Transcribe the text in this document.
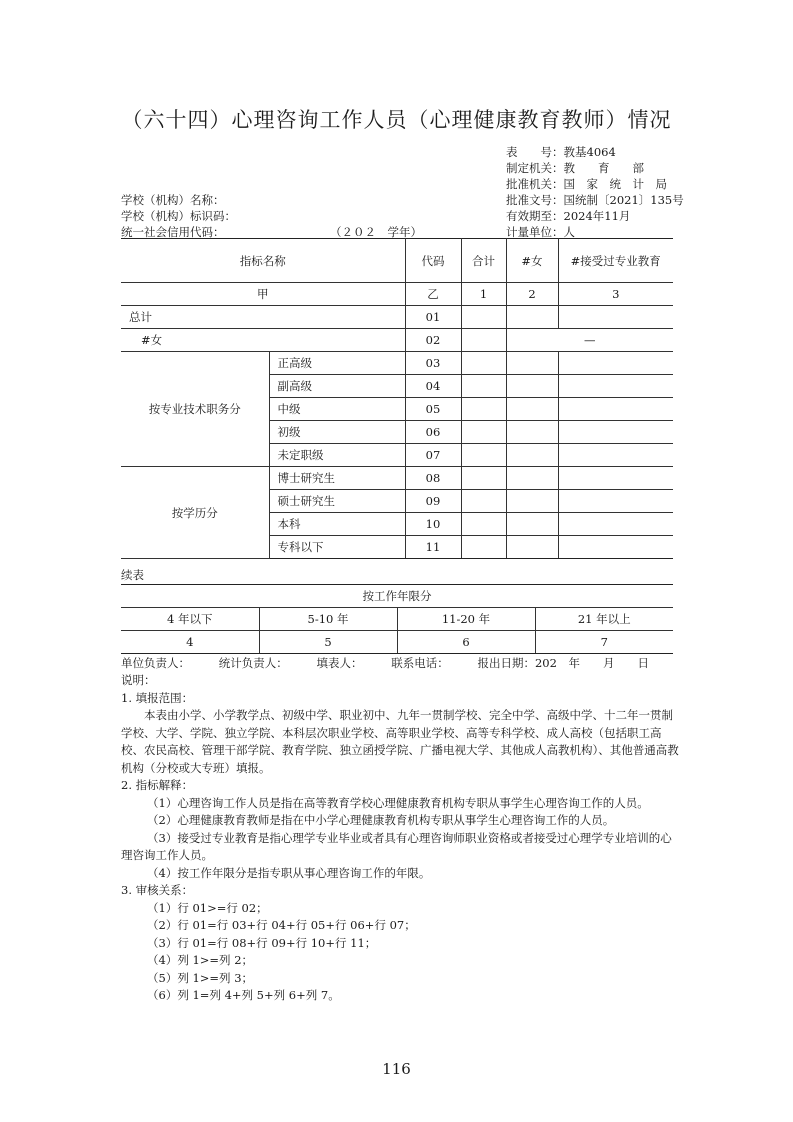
（六十四）心理咨询工作人员（心理健康教育教师）情况
表　　号：教基4064
制定机关：教　　育　　部
批准机关：国　家　统　计　局
批准文号：国统制〔2021〕135号
有效期至：2024年11月
计量单位：人
学校（机构）名称：
学校（机构）标识码：
统一社会信用代码：	（２０２　学年）
指标名称		代码	合计	#女	#接受过专业教育
甲		乙	1	2	3
总计		01			
#女		02		—	
按专业技术职务分	正高级	03			
	副高级	04			
	中级	05			
	初级	06			
	未定职级	07			
按学历分	博士研究生	08			
	硕士研究生	09			
	本科	10			
	专科以下	11			
续表
按工作年限分			
4 年以下	5-10 年	11-20 年	21 年以上
4	5	6	7
单位负责人：　　　统计负责人：　　　填表人：　　　联系电话：　　　报出日期：202　年　　月　　日

说明：

1. 填报范围：

本表由小学、小学教学点、初级中学、职业初中、九年一贯制学校、完全中学、高级中学、十二年一贯制学校、大学、学院、独立学院、本科层次职业学校、高等职业学校、高等专科学校、成人高校（包括职工高校、农民高校、管理干部学院、教育学院、独立函授学院、广播电视大学、其他成人高教机构）、其他普通高教机构（分校或大专班）填报。

2. 指标解释：

（1）心理咨询工作人员是指在高等教育学校心理健康教育机构专职从事学生心理咨询工作的人员。

（2）心理健康教育教师是指在中小学心理健康教育机构专职从事学生心理咨询工作的人员。

（3）接受过专业教育是指心理学专业毕业或者具有心理咨询师职业资格或者接受过心理学专业培训的心理咨询工作人员。

（4）按工作年限分是指专职从事心理咨询工作的年限。

3. 审核关系：

（1）行 01>=行 02；

（2）行 01=行 03+行 04+行 05+行 06+行 07；

（3）行 01=行 08+行 09+行 10+行 11；

（4）列 1>=列 2；

（5）列 1>=列 3；

（6）列 1=列 4+列 5+列 6+列 7。

116
